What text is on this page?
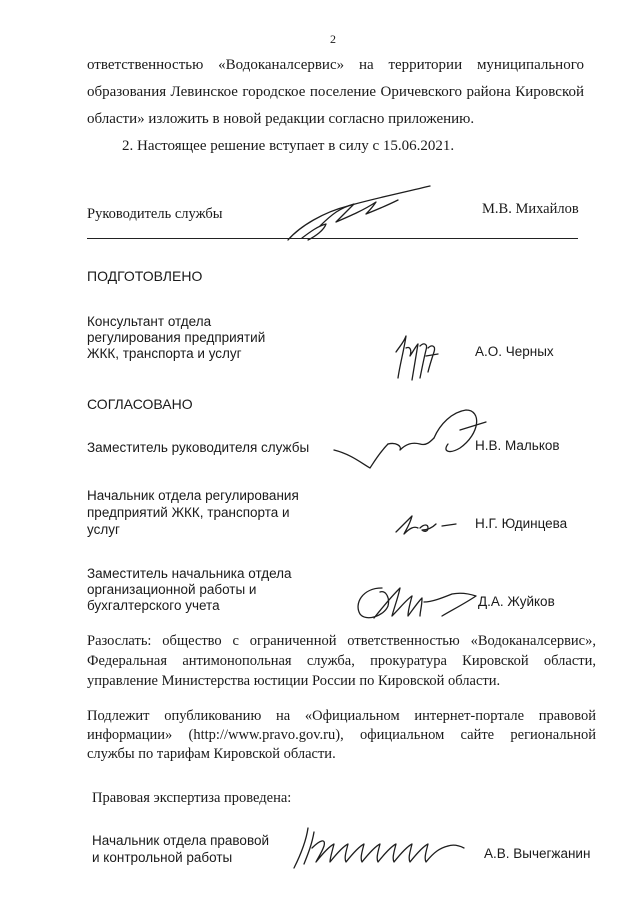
2
ответственностью «Водоканалсервис» на территории муниципального
образования Левинское городское поселение Оричевского района Кировской
области» изложить в новой редакции согласно приложению.
2. Настоящее решение вступает в силу с 15.06.2021.
Руководитель службы	М.В. Михайлов
ПОДГОТОВЛЕНО
Консультант отдела
регулирования предприятий
ЖКК, транспорта и услуг	А.О. Черных
СОГЛАСОВАНО
Заместитель руководителя службы	Н.В. Мальков
Начальник отдела регулирования
предприятий ЖКК, транспорта и
услуг	Н.Г. Юдинцева
Заместитель начальника отдела
организационной работы и
бухгалтерского учета	Д.А. Жуйков
Разослать: общество с ограниченной ответственностью «Водоканалсервис»,
Федеральная антимонопольная служба, прокуратура Кировской области,
управление Министерства юстиции России по Кировской области.
Подлежит опубликованию на «Официальном интернет-портале правовой
информации» (http://www.pravo.gov.ru), официальном сайте региональной
службы по тарифам Кировской области.
Правовая экспертиза проведена:
Начальник отдела правовой
и контрольной работы	А.В. Вычегжанин
